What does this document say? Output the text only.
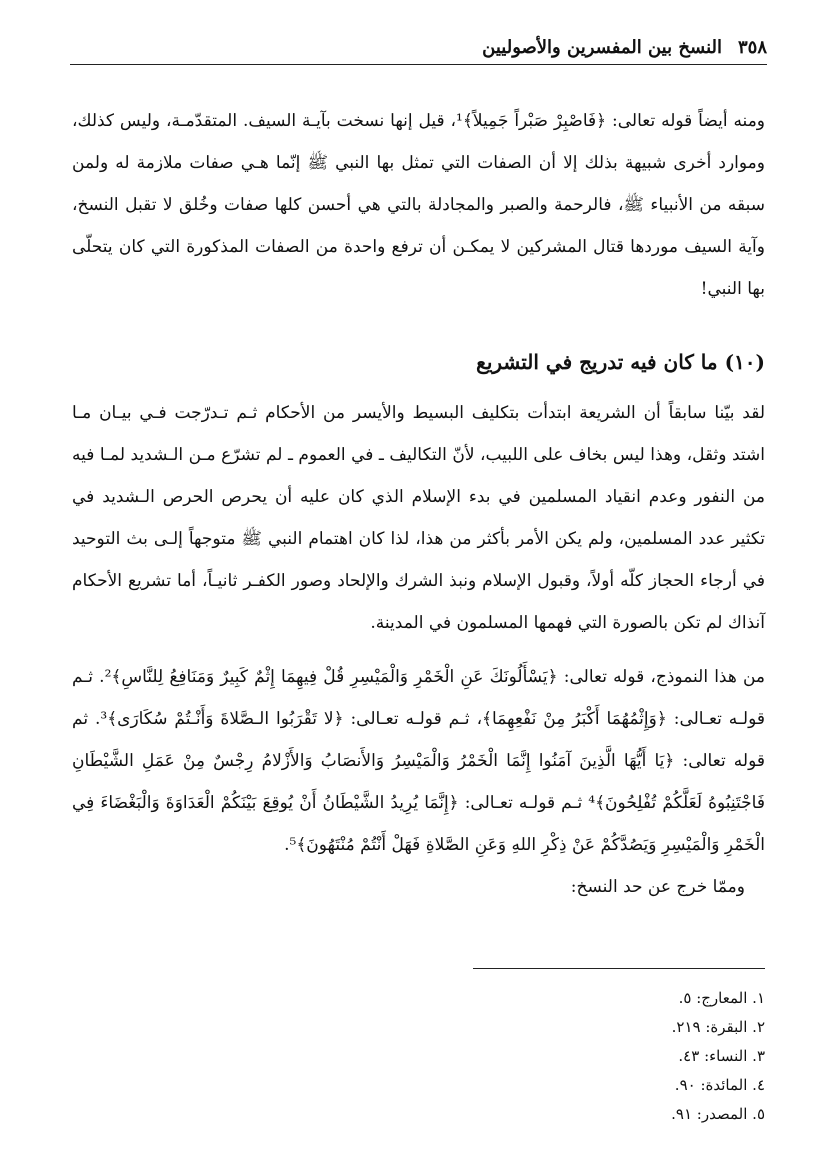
٣٥٨
النسخ بين المفسرين والأصوليين

ومنه أيضاً قوله تعالى: ﴿فَاصْبِرْ صَبْراً جَمِيلاً﴾¹، قيل إنها نسخت بآيـة السيف. المتقدّمـة، وليس كذلك، وموارد أخرى شبيهة بذلك إلا أن الصفات التي تمثل بها النبي ﷺ إنّما هـي صفات ملازمة له ولمن سبقه من الأنبياء ﷺ، فالرحمة والصبر والمجادلة بالتي هي أحسن كلها صفات وخُلق لا تقبل النسخ، وآية السيف موردها قتال المشركين لا يمكـن أن ترفع واحدة من الصفات المذكورة التي كان يتحلّى بها النبي!

(١٠) ما كان فيه تدريج في التشريع

لقد بيّنا سابقاً أن الشريعة ابتدأت بتكليف البسيط والأيسر من الأحكام ثـم تـدرّجت فـي بيـان مـا اشتد وثقل، وهذا ليس بخاف على اللبيب، لأنّ التكاليف ـ في العموم ـ لم تشرّع مـن الـشديد لمـا فيه من النفور وعدم انقياد المسلمين في بدء الإسلام الذي كان عليه أن يحرص الحرص الـشديد في تكثير عدد المسلمين، ولم يكن الأمر بأكثر من هذا، لذا كان اهتمام النبي ﷺ متوجهاً إلـى بث التوحيد في أرجاء الحجاز كلّه أولاً، وقبول الإسلام ونبذ الشرك والإلحاد وصور الكفـر ثانيـاً، أما تشريع الأحكام آنذاك لم تكن بالصورة التي فهمها المسلمون في المدينة.

من هذا النموذج، قوله تعالى: ﴿يَسْأَلُونَكَ عَنِ الْخَمْرِ وَالْمَيْسِرِ قُلْ فِيهِمَا إِثْمٌ كَبِيرٌ وَمَنَافِعُ لِلنَّاسِ﴾². ثـم قولـه تعـالى: ﴿وَإِثْمُهُمَا أَكْبَرُ مِنْ نَفْعِهِمَا﴾، ثـم قولـه تعـالى: ﴿لا تَقْرَبُوا الـصَّلاةَ وَأَنْـتُمْ سُكَارَى﴾³. ثم قوله تعالى: ﴿يَا أَيُّهَا الَّذِينَ آمَنُوا إِنَّمَا الْخَمْرُ وَالْمَيْسِرُ وَالأَنصَابُ وَالأَزْلامُ رِجْسٌ مِنْ عَمَلِ الشَّيْطَانِ فَاجْتَنِبُوهُ لَعَلَّكُمْ تُفْلِحُونَ﴾⁴ ثـم قولـه تعـالى: ﴿إِنَّمَا يُرِيدُ الشَّيْطَانُ أَنْ يُوقِعَ بَيْنَكُمْ الْعَدَاوَةَ وَالْبَغْضَاءَ فِي الْخَمْرِ وَالْمَيْسِرِ وَيَصُدَّكُمْ عَنْ ذِكْرِ اللهِ وَعَنِ الصَّلاةِ فَهَلْ أَنْتُمْ مُنْتَهُونَ﴾⁵.

وممّا خرج عن حد النسخ:

١. المعارج: ٥.
٢. البقرة: ٢١٩.
٣. النساء: ٤٣.
٤. المائدة: ٩٠.
٥. المصدر: ٩١.
